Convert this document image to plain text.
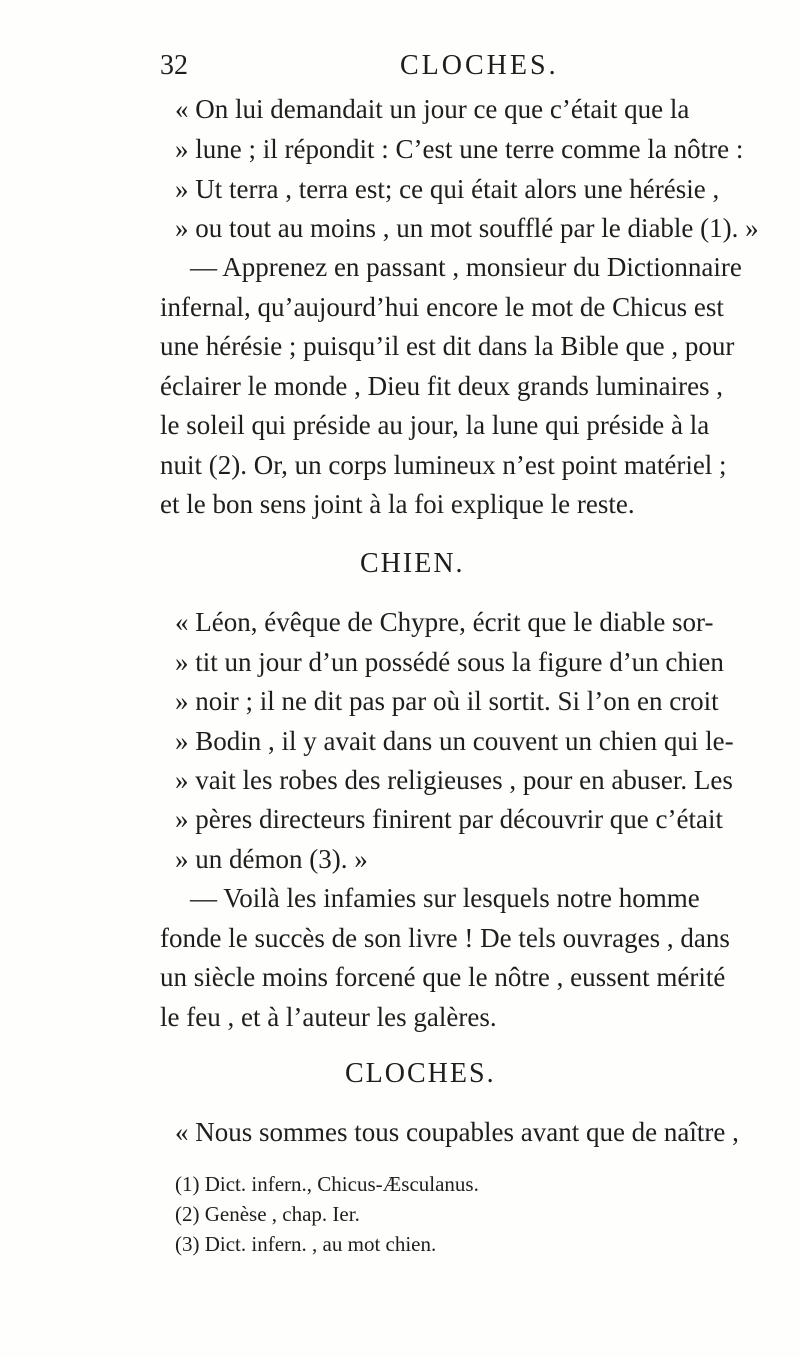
32	CLOCHES.
« On lui demandait un jour ce que c’était que la
» lune ; il répondit : C’est une terre comme la nôtre :
» Ut terra , terra est; ce qui était alors une hérésie ,
» ou tout au moins , un mot soufflé par le diable (1). »
— Apprenez en passant , monsieur du Dictionnaire
infernal, qu’aujourd’hui encore le mot de Chicus est
une hérésie ; puisqu’il est dit dans la Bible que , pour
éclairer le monde , Dieu fit deux grands luminaires ,
le soleil qui préside au jour, la lune qui préside à la
nuit (2). Or, un corps lumineux n’est point matériel ;
et le bon sens joint à la foi explique le reste.
CHIEN.
« Léon, évêque de Chypre, écrit que le diable sor-
» tit un jour d’un possédé sous la figure d’un chien
» noir ; il ne dit pas par où il sortit. Si l’on en croit
» Bodin , il y avait dans un couvent un chien qui le-
» vait les robes des religieuses , pour en abuser. Les
» pères directeurs finirent par découvrir que c’était
» un démon (3). »
— Voilà les infamies sur lesquels notre homme
fonde le succès de son livre ! De tels ouvrages , dans
un siècle moins forcené que le nôtre , eussent mérité
le feu , et à l’auteur les galères.
CLOCHES.
« Nous sommes tous coupables avant que de naître ,
(1) Dict. infern., Chicus-Æsculanus.
(2) Genèse , chap. Ier.
(3) Dict. infern. , au mot chien.
